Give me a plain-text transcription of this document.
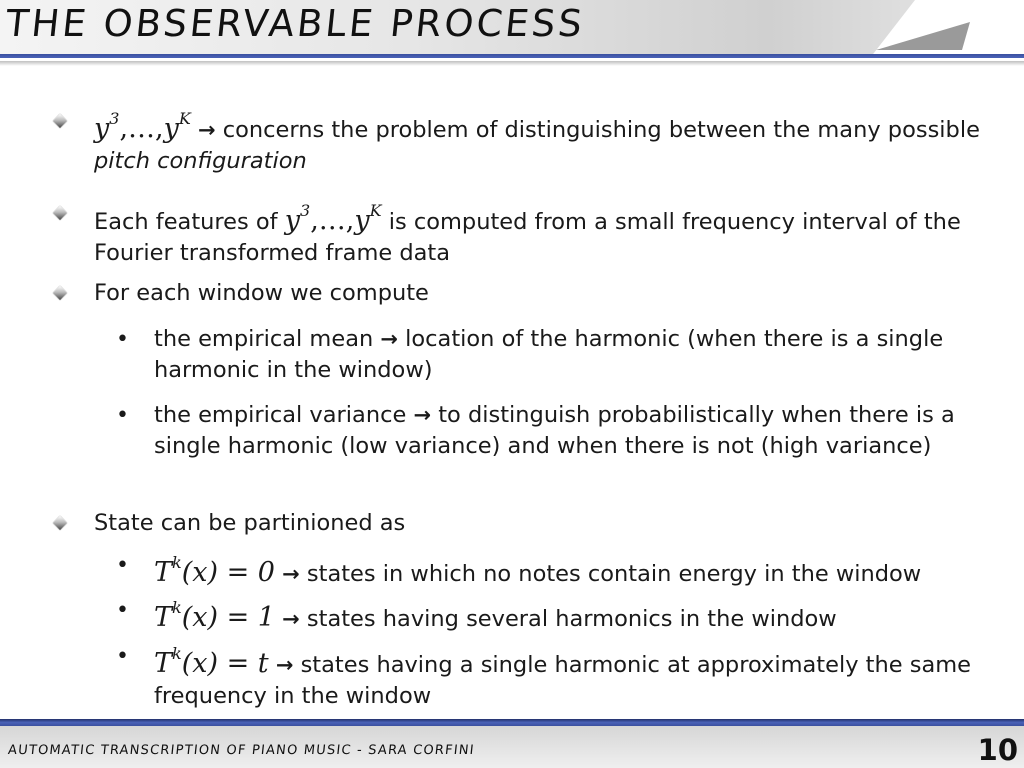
THE OBSERVABLE PROCESS
$y^3,\dots,y^K$ → concerns the problem of distinguishing between the many possible pitch configuration
Each features of $y^3,\dots,y^K$ is computed from a small frequency interval of the Fourier transformed frame data
For each window we compute
• the empirical mean → location of the harmonic (when there is a single harmonic in the window)
• the empirical variance → to distinguish probabilistically when there is a single harmonic (low variance) and when there is not (high variance)
State can be partinioned as
• $T^k(x) = 0$ → states in which no notes contain energy in the window
• $T^k(x) = 1$ → states having several harmonics in the window
• $T^k(x) = t$ → states having a single harmonic at approximately the same frequency in the window
AUTOMATIC TRANSCRIPTION OF PIANO MUSIC - SARA CORFINI	10
